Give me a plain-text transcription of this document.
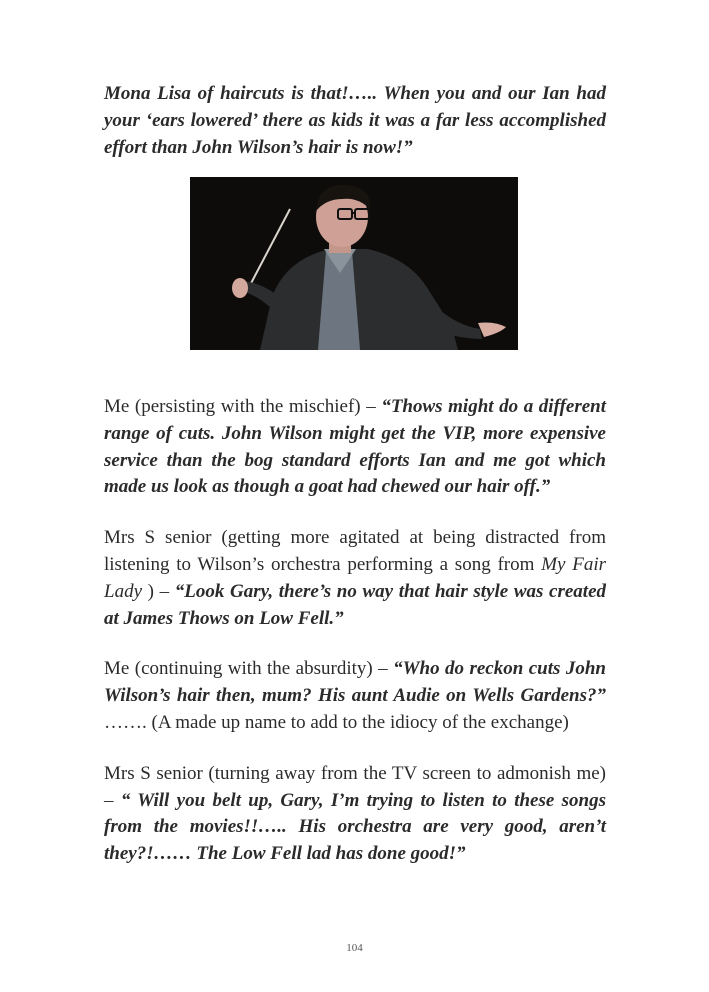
Mona Lisa of haircuts is that!….. When you and our Ian had your ‘ears lowered’ there as kids it was a far less accomplished effort than John Wilson’s hair is now!”

Me (persisting with the mischief) – “Thows might do a different range of cuts. John Wilson might get the VIP, more expensive service than the bog standard efforts Ian and me got which made us look as though a goat had chewed our hair off.”

Mrs S senior (getting more agitated at being distracted from listening to Wilson’s orchestra performing a song from My Fair Lady ) – “Look Gary, there’s no way that hair style was created at James Thows on Low Fell.”

Me (continuing with the absurdity) – “Who do reckon cuts John Wilson’s hair then, mum? His aunt Audie on Wells Gardens?” ……. (A made up name to add to the idiocy of the exchange)

Mrs S senior (turning away from the TV screen to admonish me) – “ Will you belt up, Gary, I’m trying to listen to these songs from the movies!!….. His orchestra are very good, aren’t they?!…… The Low Fell lad has done good!”

104
